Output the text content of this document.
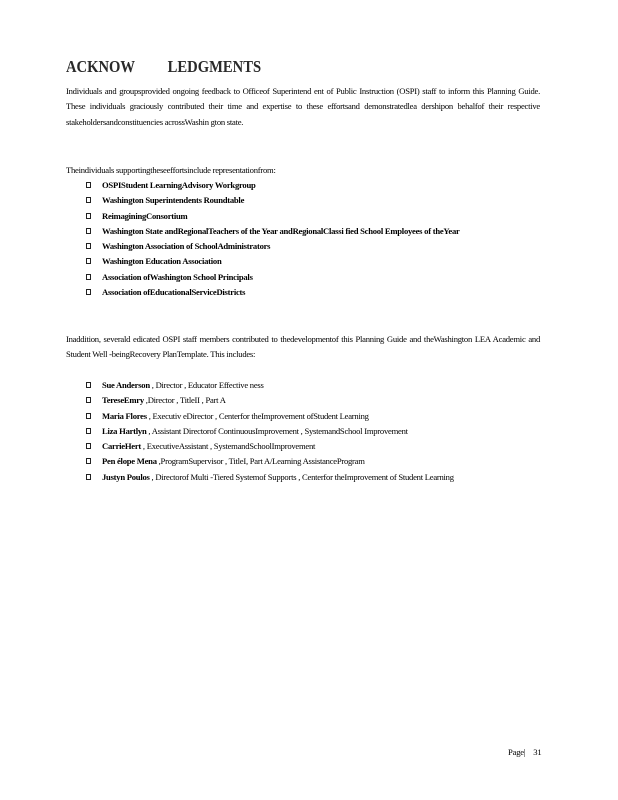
ACKNOW LEDGMENTS

Individuals and groupsprovided ongoing feedback to Officeof Superintend ent of Public Instruction (OSPI) staff to inform this Planning Guide. These individuals graciously contributed their time and expertise to these effortsand demonstratedlea dershipon behalfof their respective stakeholdersandconstituencies acrossWashin gton state.

Theindividuals supportingtheseeffortsinclude representationfrom:

OSPIStudent LearningAdvisory Workgroup
Washington Superintendents Roundtable
ReimaginingConsortium
Washington State andRegionalTeachers of the Year andRegionalClassi fied School Employees of theYear
Washington Association of SchoolAdministrators
Washington Education Association
Association ofWashington School Principals
Association ofEducationalServiceDistricts

Inaddition, severald edicated OSPI staff members contributed to thedevelopmentof this Planning Guide and theWashington LEA Academic and Student Well -beingRecovery PlanTemplate. This includes:

Sue Anderson , Director , Educator Effective ness
TereseEmry ,Director , TitleII , Part A
Maria Flores , Executiv eDirector , Centerfor theImprovement ofStudent Learning
Liza Hartlyn , Assistant Directorof ContinuousImprovement , SystemandSchool Improvement
CarrieHert , ExecutiveAssistant , SystemandSchoolImprovement
Pen élope Mena ,ProgramSupervisor , TitleI, Part A/Learning AssistanceProgram
Justyn Poulos , Directorof Multi -Tiered Systemof Supports , Centerfor theImprovement of Student Learning
Page| 31
